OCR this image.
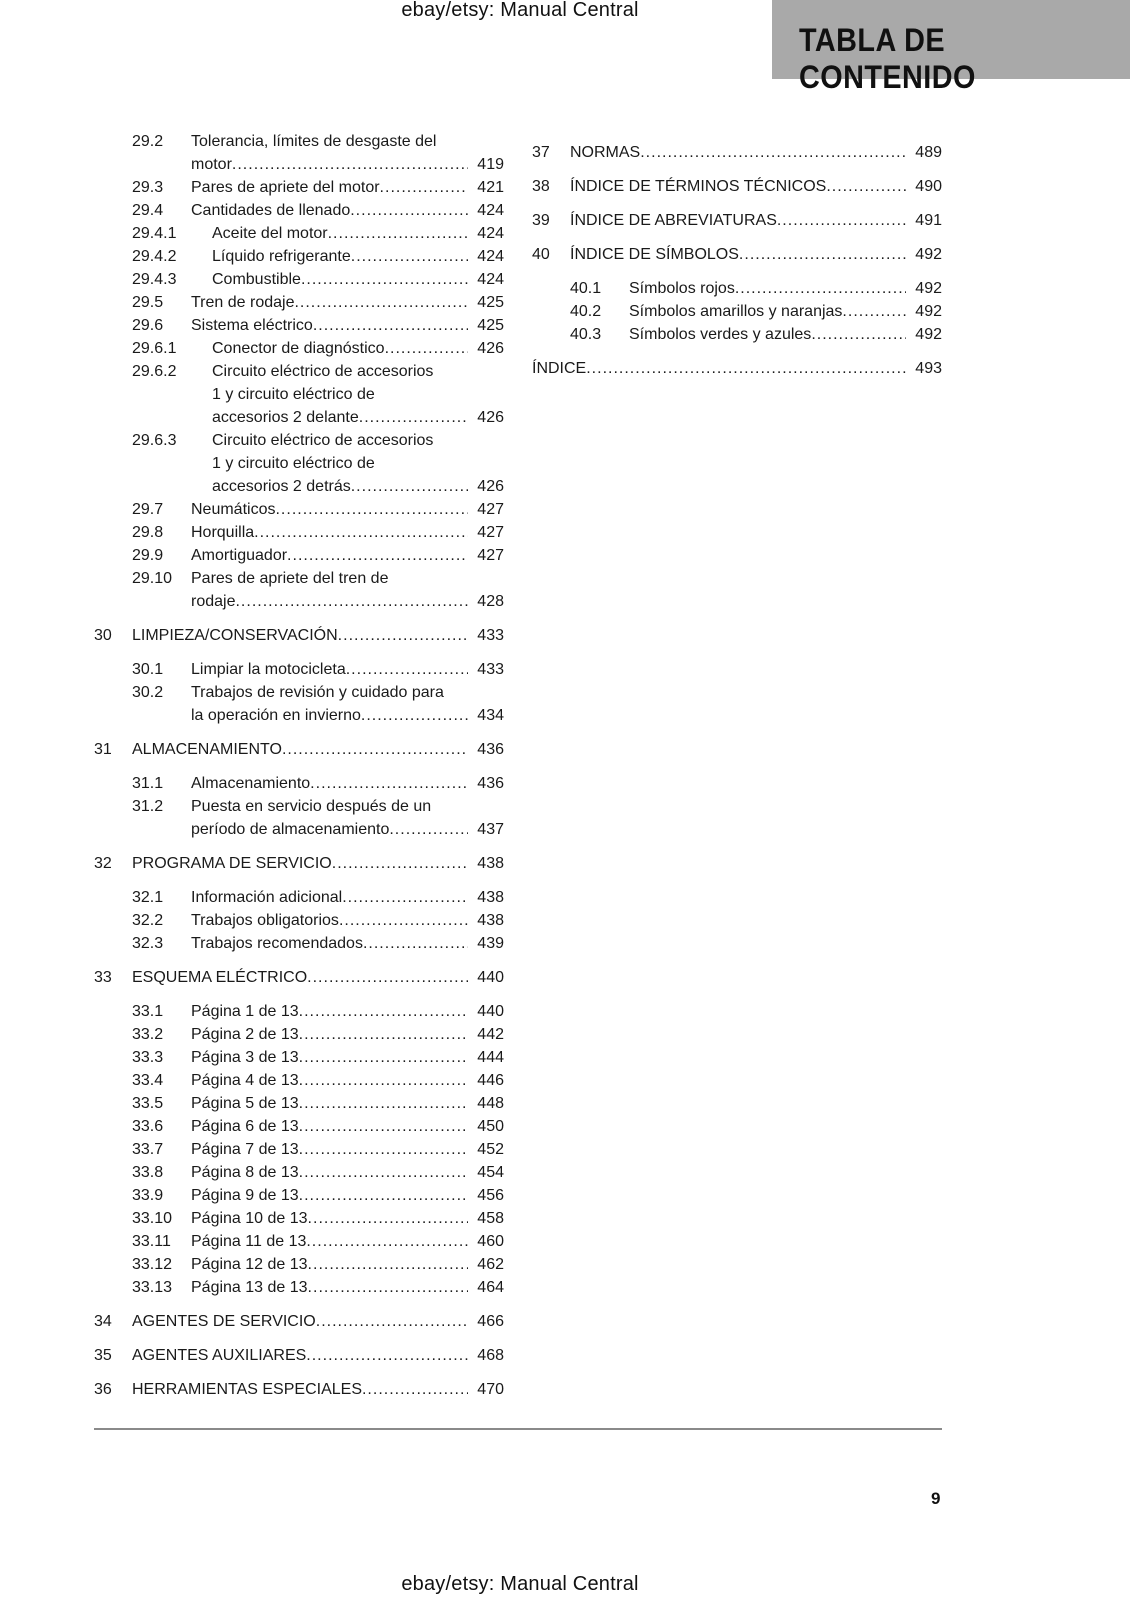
ebay/etsy: Manual Central
TABLA DE CONTENIDO
29.2	Tolerancia, límites de desgaste del
motor .....	419
29.3	Pares de apriete del motor .....	421
29.4	Cantidades de llenado .....	424
29.4.1	Aceite del motor .....	424
29.4.2	Líquido refrigerante .....	424
29.4.3	Combustible .....	424
29.5	Tren de rodaje .....	425
29.6	Sistema eléctrico .....	425
29.6.1	Conector de diagnóstico .....	426
29.6.2	Circuito eléctrico de accesorios
1 y circuito eléctrico de
accesorios 2 delante .....	426
29.6.3	Circuito eléctrico de accesorios
1 y circuito eléctrico de
accesorios 2 detrás .....	426
29.7	Neumáticos .....	427
29.8	Horquilla .....	427
29.9	Amortiguador .....	427
29.10	Pares de apriete del tren de
rodaje .....	428
30	LIMPIEZA/CONSERVACIÓN .....	433
30.1	Limpiar la motocicleta .....	433
30.2	Trabajos de revisión y cuidado para
la operación en invierno .....	434
31	ALMACENAMIENTO .....	436
31.1	Almacenamiento .....	436
31.2	Puesta en servicio después de un
período de almacenamiento .....	437
32	PROGRAMA DE SERVICIO .....	438
32.1	Información adicional .....	438
32.2	Trabajos obligatorios .....	438
32.3	Trabajos recomendados .....	439
33	ESQUEMA ELÉCTRICO .....	440
33.1	Página 1 de 13 .....	440
33.2	Página 2 de 13 .....	442
33.3	Página 3 de 13 .....	444
33.4	Página 4 de 13 .....	446
33.5	Página 5 de 13 .....	448
33.6	Página 6 de 13 .....	450
33.7	Página 7 de 13 .....	452
33.8	Página 8 de 13 .....	454
33.9	Página 9 de 13 .....	456
33.10	Página 10 de 13 .....	458
33.11	Página 11 de 13 .....	460
33.12	Página 12 de 13 .....	462
33.13	Página 13 de 13 .....	464
34	AGENTES DE SERVICIO .....	466
35	AGENTES AUXILIARES .....	468
36	HERRAMIENTAS ESPECIALES .....	470
37	NORMAS .....	489
38	ÍNDICE DE TÉRMINOS TÉCNICOS .....	490
39	ÍNDICE DE ABREVIATURAS .....	491
40	ÍNDICE DE SÍMBOLOS .....	492
40.1	Símbolos rojos .....	492
40.2	Símbolos amarillos y naranjas .....	492
40.3	Símbolos verdes y azules .....	492
ÍNDICE .....	493
9
ebay/etsy: Manual Central
